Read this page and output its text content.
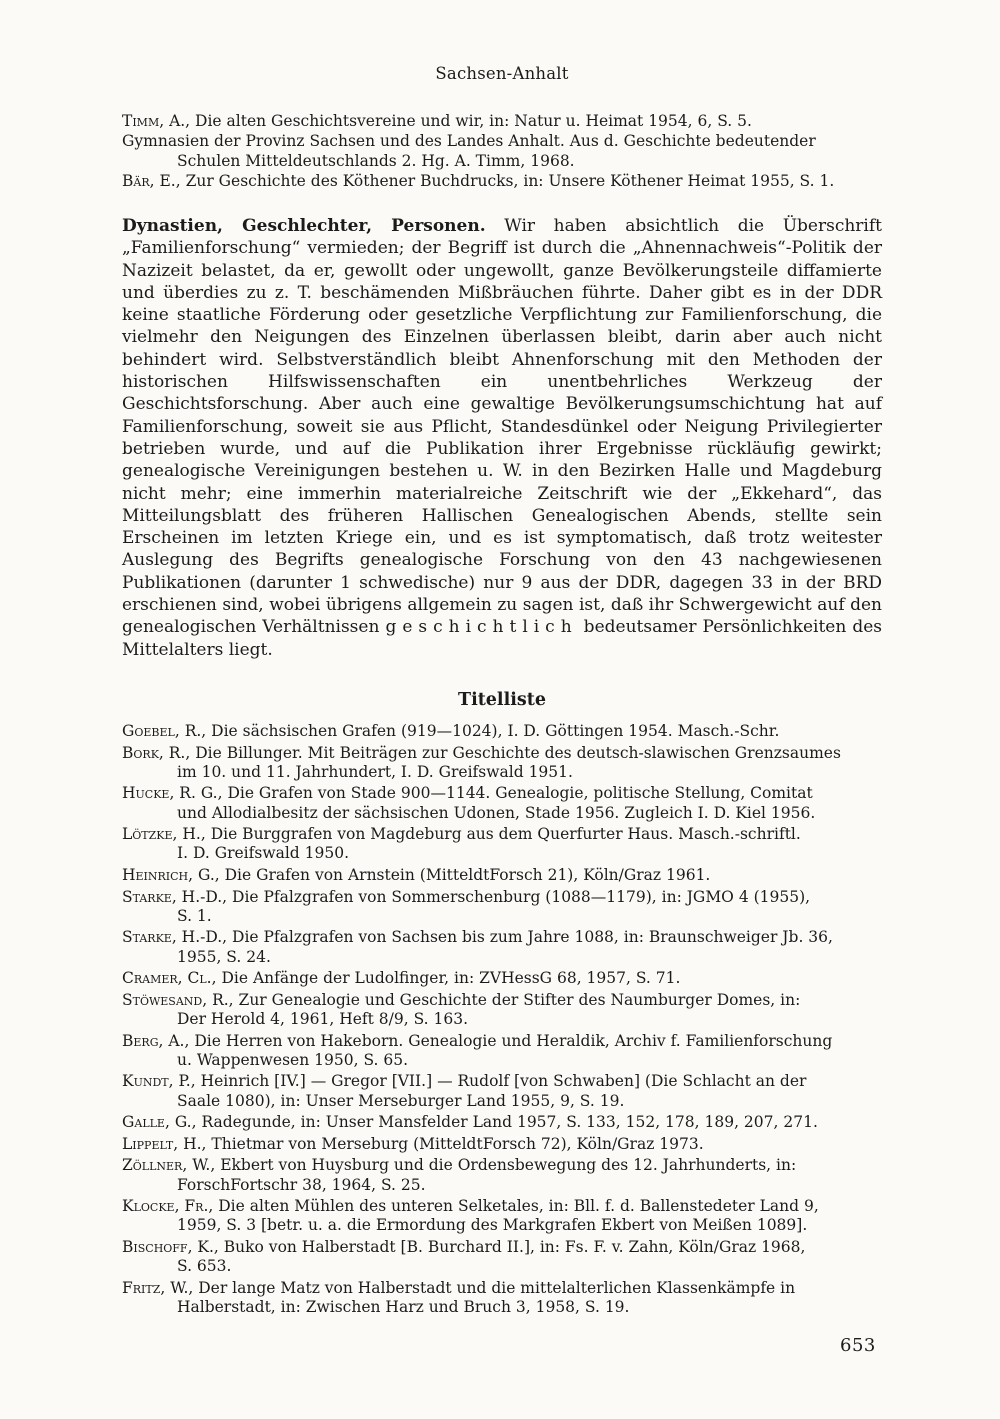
Sachsen-Anhalt

Timm, A., Die alten Geschichtsvereine und wir, in: Natur u. Heimat 1954, 6, S. 5.

Gymnasien der Provinz Sachsen und des Landes Anhalt. Aus d. Geschichte bedeutender
Schulen Mitteldeutschlands 2. Hg. A. Timm, 1968.

Bär, E., Zur Geschichte des Köthener Buchdrucks, in: Unsere Köthener Heimat 1955, S. 1.

Dynastien, Geschlechter, Personen. Wir haben absichtlich die Überschrift „Familienforschung“ vermieden; der Begriff ist durch die „Ahnennachweis“-Politik der Nazizeit belastet, da er, gewollt oder ungewollt, ganze Bevölkerungsteile diffamierte und überdies zu z. T. beschämenden Mißbräuchen führte. Daher gibt es in der DDR keine staatliche Förderung oder gesetzliche Verpflichtung zur Familienforschung, die vielmehr den Neigungen des Einzelnen überlassen bleibt, darin aber auch nicht behindert wird. Selbstverständlich bleibt Ahnenforschung mit den Methoden der historischen Hilfswissenschaften ein unentbehrliches Werkzeug der Geschichtsforschung. Aber auch eine gewaltige Bevölkerungsumschichtung hat auf Familienforschung, soweit sie aus Pflicht, Standesdünkel oder Neigung Privilegierter betrieben wurde, und auf die Publikation ihrer Ergebnisse rückläufig gewirkt; genealogische Vereinigungen bestehen u. W. in den Bezirken Halle und Magdeburg nicht mehr; eine immerhin materialreiche Zeitschrift wie der „Ekkehard“, das Mitteilungsblatt des früheren Hallischen Genealogischen Abends, stellte sein Erscheinen im letzten Kriege ein, und es ist symptomatisch, daß trotz weitester Auslegung des Begrifts genealogische Forschung von den 43 nachgewiesenen Publikationen (darunter 1 schwedische) nur 9 aus der DDR, dagegen 33 in der BRD erschienen sind, wobei übrigens allgemein zu sagen ist, daß ihr Schwergewicht auf den genealogischen Verhältnissen geschichtlich bedeutsamer Persönlichkeiten des Mittelalters liegt.

Titelliste

Goebel, R., Die sächsischen Grafen (919—1024), I. D. Göttingen 1954. Masch.-Schr.

Bork, R., Die Billunger. Mit Beiträgen zur Geschichte des deutsch-slawischen Grenzsaumes
im 10. und 11. Jahrhundert, I. D. Greifswald 1951.

Hucke, R. G., Die Grafen von Stade 900—1144. Genealogie, politische Stellung, Comitat
und Allodialbesitz der sächsischen Udonen, Stade 1956. Zugleich I. D. Kiel 1956.

Lötzke, H., Die Burggrafen von Magdeburg aus dem Querfurter Haus. Masch.-schriftl.
I. D. Greifswald 1950.

Heinrich, G., Die Grafen von Arnstein (MitteldtForsch 21), Köln/Graz 1961.

Starke, H.-D., Die Pfalzgrafen von Sommerschenburg (1088—1179), in: JGMO 4 (1955),
S. 1.

Starke, H.-D., Die Pfalzgrafen von Sachsen bis zum Jahre 1088, in: Braunschweiger Jb. 36,
1955, S. 24.

Cramer, Cl., Die Anfänge der Ludolfinger, in: ZVHessG 68, 1957, S. 71.

Stöwesand, R., Zur Genealogie und Geschichte der Stifter des Naumburger Domes, in:
Der Herold 4, 1961, Heft 8/9, S. 163.

Berg, A., Die Herren von Hakeborn. Genealogie und Heraldik, Archiv f. Familienforschung
u. Wappenwesen 1950, S. 65.

Kundt, P., Heinrich [IV.] — Gregor [VII.] — Rudolf [von Schwaben] (Die Schlacht an der
Saale 1080), in: Unser Merseburger Land 1955, 9, S. 19.

Galle, G., Radegunde, in: Unser Mansfelder Land 1957, S. 133, 152, 178, 189, 207, 271.

Lippelt, H., Thietmar von Merseburg (MitteldtForsch 72), Köln/Graz 1973.

Zöllner, W., Ekbert von Huysburg und die Ordensbewegung des 12. Jahrhunderts, in:
ForschFortschr 38, 1964, S. 25.

Klocke, Fr., Die alten Mühlen des unteren Selketales, in: Bll. f. d. Ballenstedeter Land 9,
1959, S. 3 [betr. u. a. die Ermordung des Markgrafen Ekbert von Meißen 1089].

Bischoff, K., Buko von Halberstadt [B. Burchard II.], in: Fs. F. v. Zahn, Köln/Graz 1968,
S. 653.

Fritz, W., Der lange Matz von Halberstadt und die mittelalterlichen Klassenkämpfe in
Halberstadt, in: Zwischen Harz und Bruch 3, 1958, S. 19.

653
